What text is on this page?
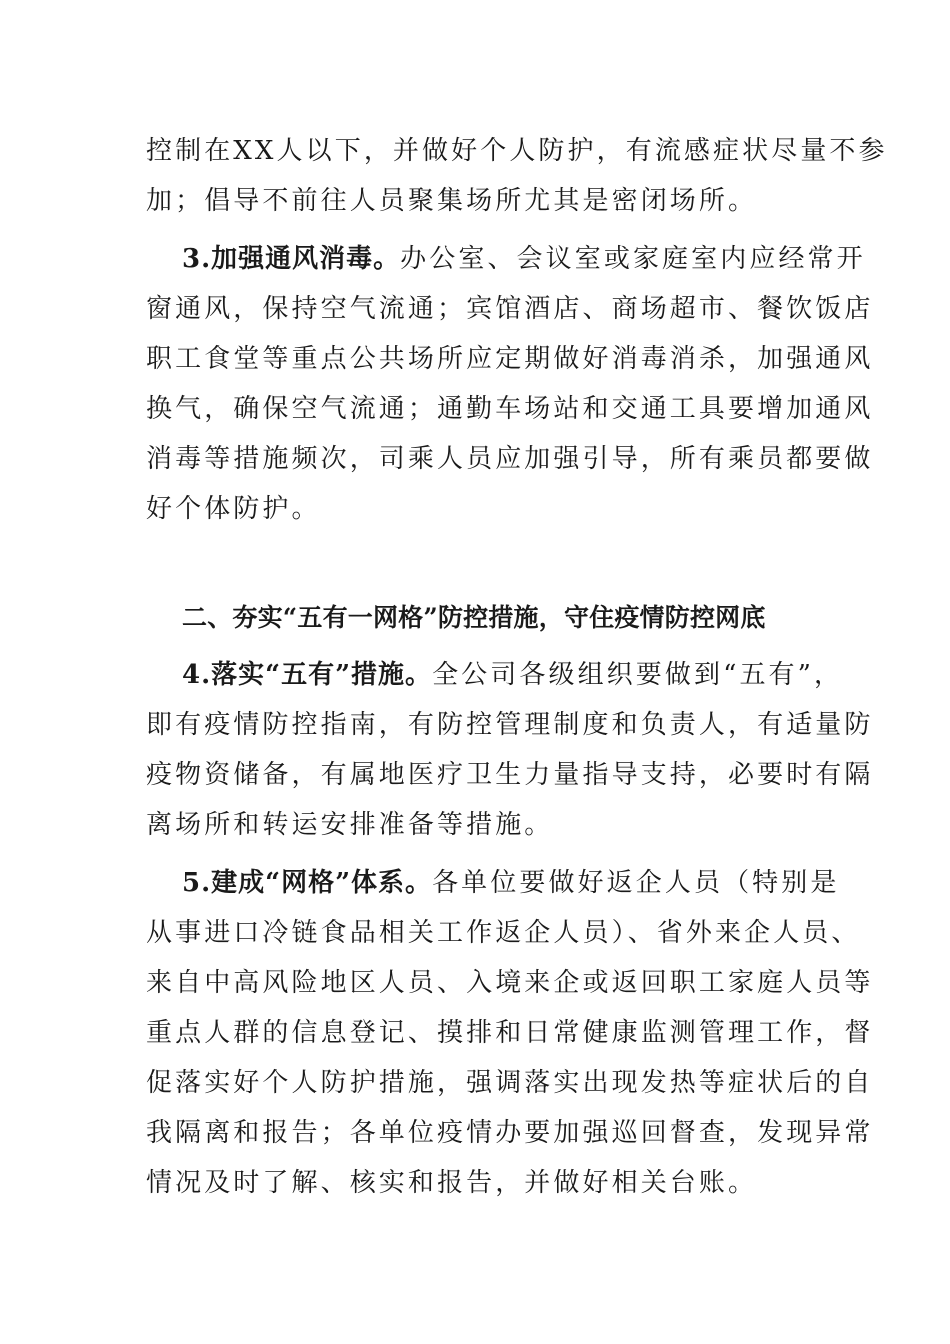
控制在XX人以下，并做好个人防护，有流感症状尽量不参
加；倡导不前往人员聚集场所尤其是密闭场所。
3.加强通风消毒。办公室、会议室或家庭室内应经常开
窗通风，保持空气流通；宾馆酒店、商场超市、餐饮饭店
职工食堂等重点公共场所应定期做好消毒消杀，加强通风
换气，确保空气流通；通勤车场站和交通工具要增加通风
消毒等措施频次，司乘人员应加强引导，所有乘员都要做
好个体防护。
二、夯实“五有一网格”防控措施，守住疫情防控网底
4.落实“五有”措施。全公司各级组织要做到“五有”，
即有疫情防控指南，有防控管理制度和负责人，有适量防
疫物资储备，有属地医疗卫生力量指导支持，必要时有隔
离场所和转运安排准备等措施。
5.建成“网格”体系。各单位要做好返企人员（特别是
从事进口冷链食品相关工作返企人员）、省外来企人员、
来自中高风险地区人员、入境来企或返回职工家庭人员等
重点人群的信息登记、摸排和日常健康监测管理工作，督
促落实好个人防护措施，强调落实出现发热等症状后的自
我隔离和报告；各单位疫情办要加强巡回督查，发现异常
情况及时了解、核实和报告，并做好相关台账。
